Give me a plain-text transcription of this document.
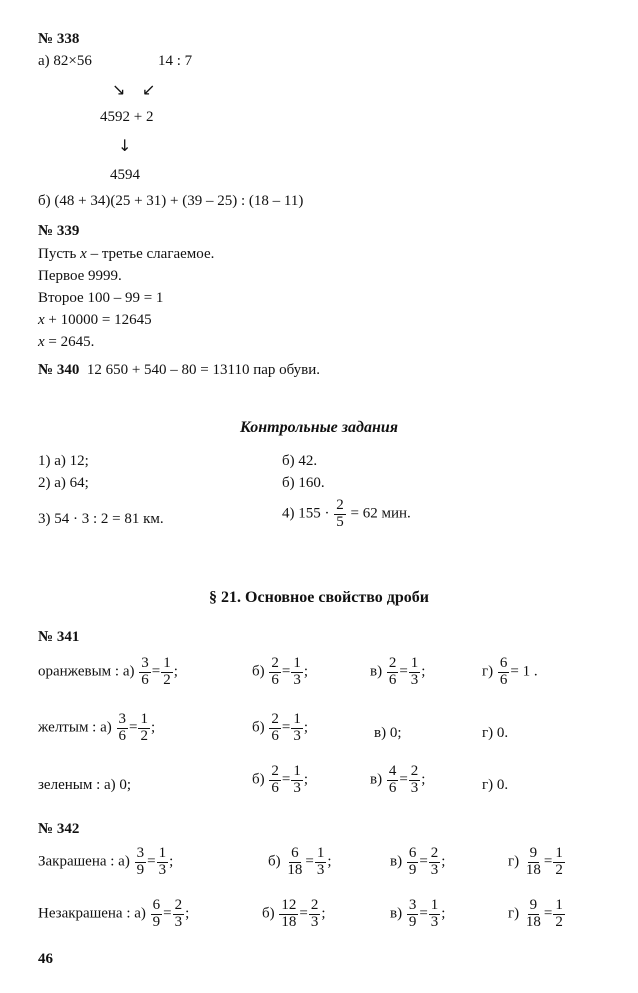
№ 338
а) 82×56	14 : 7
↘ ↙
4592 + 2
↓
4594
б) (48 + 34)(25 + 31) + (39 – 25) : (18 – 11)
№ 339
Пусть x – третье слагаемое.
Первое 9999.
Второе 100 – 99 = 1
x + 10000 = 12645
x = 2645.
№ 340 12 650 + 540 – 80 = 13110 пар обуви.
Контрольные задания
1) а) 12;	б) 42.
2) а) 64;	б) 160.
3) 54 · 3 : 2 = 81 км.	4) $155 \cdot \frac{2}{5} = 62$ мин.
§ 21. Основное свойство дроби
№ 341
оранжевым : $а) \frac{3}{6} = \frac{1}{2}$ ;	$б) \frac{2}{6} = \frac{1}{3}$ ;	$в) \frac{2}{6} = \frac{1}{3}$ ;	$г) \frac{6}{6} = 1$ .
желтым : $а) \frac{3}{6} = \frac{1}{2}$ ;	$б) \frac{2}{6} = \frac{1}{3}$ ;	в) 0;	г) 0.
зеленым : а) 0;	$б) \frac{2}{6} = \frac{1}{3}$ ;	$в) \frac{4}{6} = \frac{2}{3}$ ;	г) 0.
№ 342
Закрашена : $а) \frac{3}{9} = \frac{1}{3}$ ;	$б) \frac{6}{18} = \frac{1}{3}$ ;	$в) \frac{6}{9} = \frac{2}{3}$ ;	$г) \frac{9}{18} = \frac{1}{2}$
Незакрашена : $а) \frac{6}{9} = \frac{2}{3}$ ;	$б) \frac{12}{18} = \frac{2}{3}$ ;	$в) \frac{3}{9} = \frac{1}{3}$ ;	$г) \frac{9}{18} = \frac{1}{2}$
46
